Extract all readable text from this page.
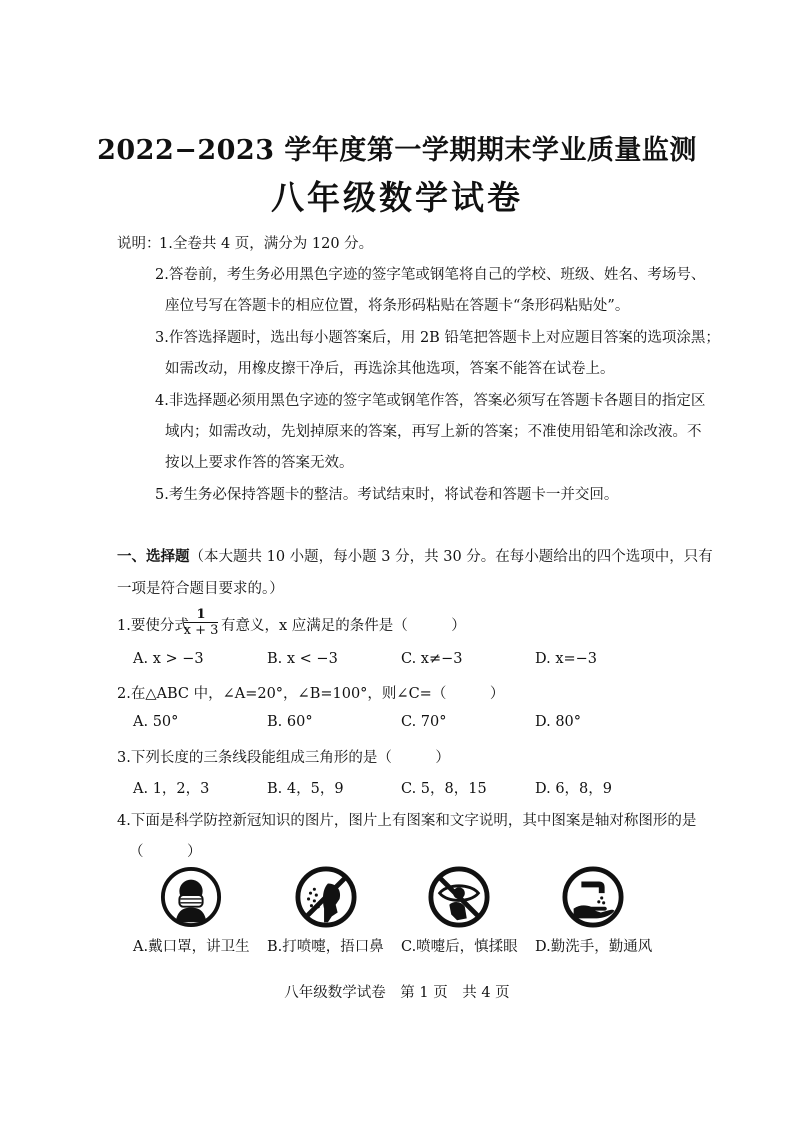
2022−2023 学年度第一学期期末学业质量监测
八年级数学试卷
说明：
1.全卷共 4 页，满分为 120 分。
2.答卷前，考生务必用黑色字迹的签字笔或钢笔将自己的学校、班级、姓名、考场号、
座位号写在答题卡的相应位置，将条形码粘贴在答题卡“条形码粘贴处”。
3.作答选择题时，选出每小题答案后，用 2B 铅笔把答题卡上对应题目答案的选项涂黑；
如需改动，用橡皮擦干净后，再选涂其他选项，答案不能答在试卷上。
4.非选择题必须用黑色字迹的签字笔或钢笔作答，答案必须写在答题卡各题目的指定区
域内；如需改动，先划掉原来的答案，再写上新的答案；不准使用铅笔和涂改液。不
按以上要求作答的答案无效。
5.考生务必保持答题卡的整洁。考试结束时，将试卷和答题卡一并交回。
一、选择题（本大题共 10 小题，每小题 3 分，共 30 分。在每小题给出的四个选项中，只有
一项是符合题目要求的。）
1.要使分式
1
x + 3 有意义，x 应满足的条件是（　　　）
A. x > −3	B. x < −3	C. x≠−3	D. x=−3
2.在△ABC 中，∠A=20°，∠B=100°，则∠C=（　　　）
A. 50°	B. 60°	C. 70°	D. 80°
3.下列长度的三条线段能组成三角形的是（　　　）
A. 1，2，3	B. 4，5，9	C. 5，8，15	D. 6，8，9
4.下面是科学防控新冠知识的图片，图片上有图案和文字说明，其中图案是轴对称图形的是
（　　　）
A.戴口罩，讲卫生 B.打喷嚏，捂口鼻 C.喷嚏后，慎揉眼 D.勤洗手，勤通风
八年级数学试卷　第 1 页　共 4 页
